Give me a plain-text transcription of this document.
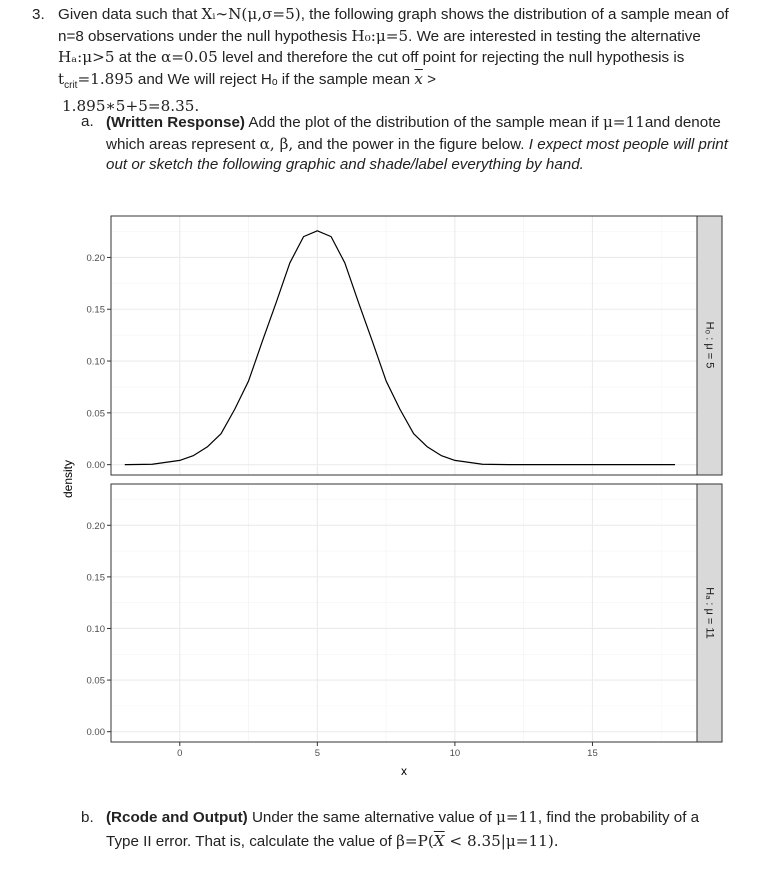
3. Given data such that Xᵢ∼N(μ,σ=5), the following graph shows the distribution of a sample mean of n=8 observations under the null hypothesis H₀:μ=5. We are interested in testing the alternative Hₐ:μ>5 at the α=0.05 level and therefore the cut off point for rejecting the null hypothesis is $t_{crit}=1.895$ and We will reject Hₒ if the sample mean $\overline{x}$ >
1.895∗5+5=8.35.
a. (Written Response) Add the plot of the distribution of the sample mean if μ=11and denote which areas represent α, β, and the power in the figure below. I expect most people will print out or sketch the following graphic and shade/label everything by hand.
H₀ : μ = 5
Hₐ : μ = 11
0.00
0.05
0.10
0.15
0.20
0.00
0.05
0.10
0.15
0.20
0	5	10	15
x
density
b. (Rcode and Output) Under the same alternative value of μ=11, find the probability of a Type II error. That is, calculate the value of $\beta=P(\overline{X} < 8.35|\mu=11)$.
